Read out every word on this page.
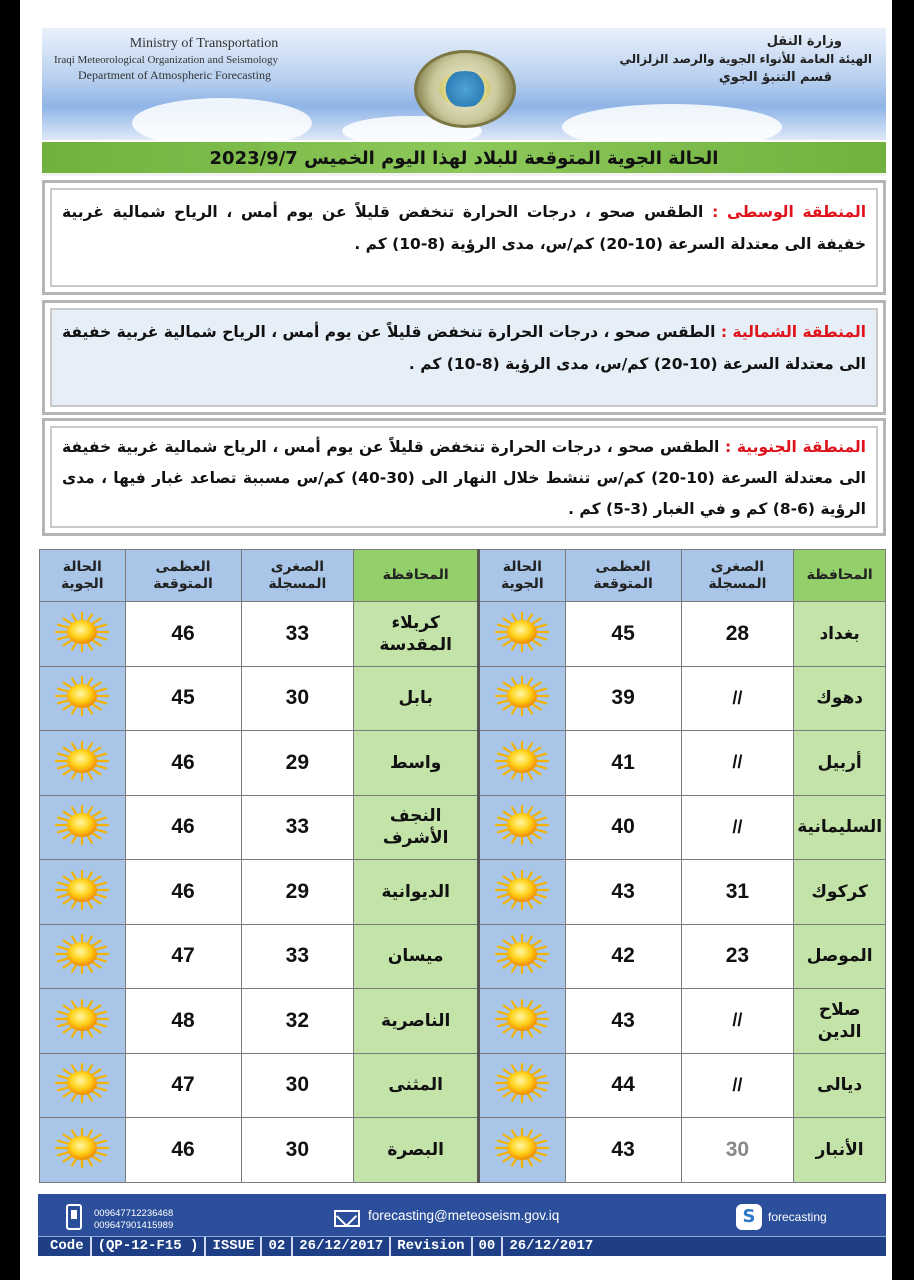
Ministry of Transportation
Iraqi Meteorological Organization and Seismology
Department of Atmospheric Forecasting
وزارة النقل
الهيئة العامة للأنواء الجوية والرصد الزلزالي
قسم التنبؤ الجوي
الحالة الجوية المتوقعة للبلاد لهذا اليوم الخميس 2023/9/7
المنطقة الوسطى : الطقس صحو ، درجات الحرارة تنخفض قليلاً عن يوم أمس ، الرياح شمالية غربية خفيفة الى معتدلة السرعة (10-20) كم/س، مدى الرؤية (8-10) كم .
المنطقة الشمالية : الطقس صحو ، درجات الحرارة تنخفض قليلاً عن يوم أمس ، الرياح شمالية غربية خفيفة الى معتدلة السرعة (10-20) كم/س، مدى الرؤية (8-10) كم .
المنطقة الجنوبية : الطقس صحو ، درجات الحرارة تنخفض قليلاً عن يوم أمس ، الرياح شمالية غربية خفيفة الى معتدلة السرعة (10-20) كم/س تنشط خلال النهار الى (30-40) كم/س مسببة تصاعد غبار فيها ، مدى الرؤية (6-8) كم و في الغبار (3-5) كم .
المحافظة	الصغرى المسجلة	العظمى المتوقعة	الحالة الجوية	المحافظة	الصغرى المسجلة	العظمى المتوقعة	الحالة الجوية
بغداد	28	45		كربلاء المقدسة	33	46	
دهوك	//	39		بابل	30	45	
أربيل	//	41		واسط	29	46	
السليمانية	//	40		النجف الأشرف	33	46	
كركوك	31	43		الديوانية	29	46	
الموصل	23	42		ميسان	33	47	
صلاح الدين	//	43		الناصرية	32	48	
ديالى	//	44		المثنى	30	47	
الأنبار	30	43		البصرة	30	46	
009647712236468
009647901415989
forecasting@meteoseism.gov.iq	S	forecasting
Code	(QP-12-F15 )	ISSUE	02	26/12/2017	Revision	00	26/12/2017
